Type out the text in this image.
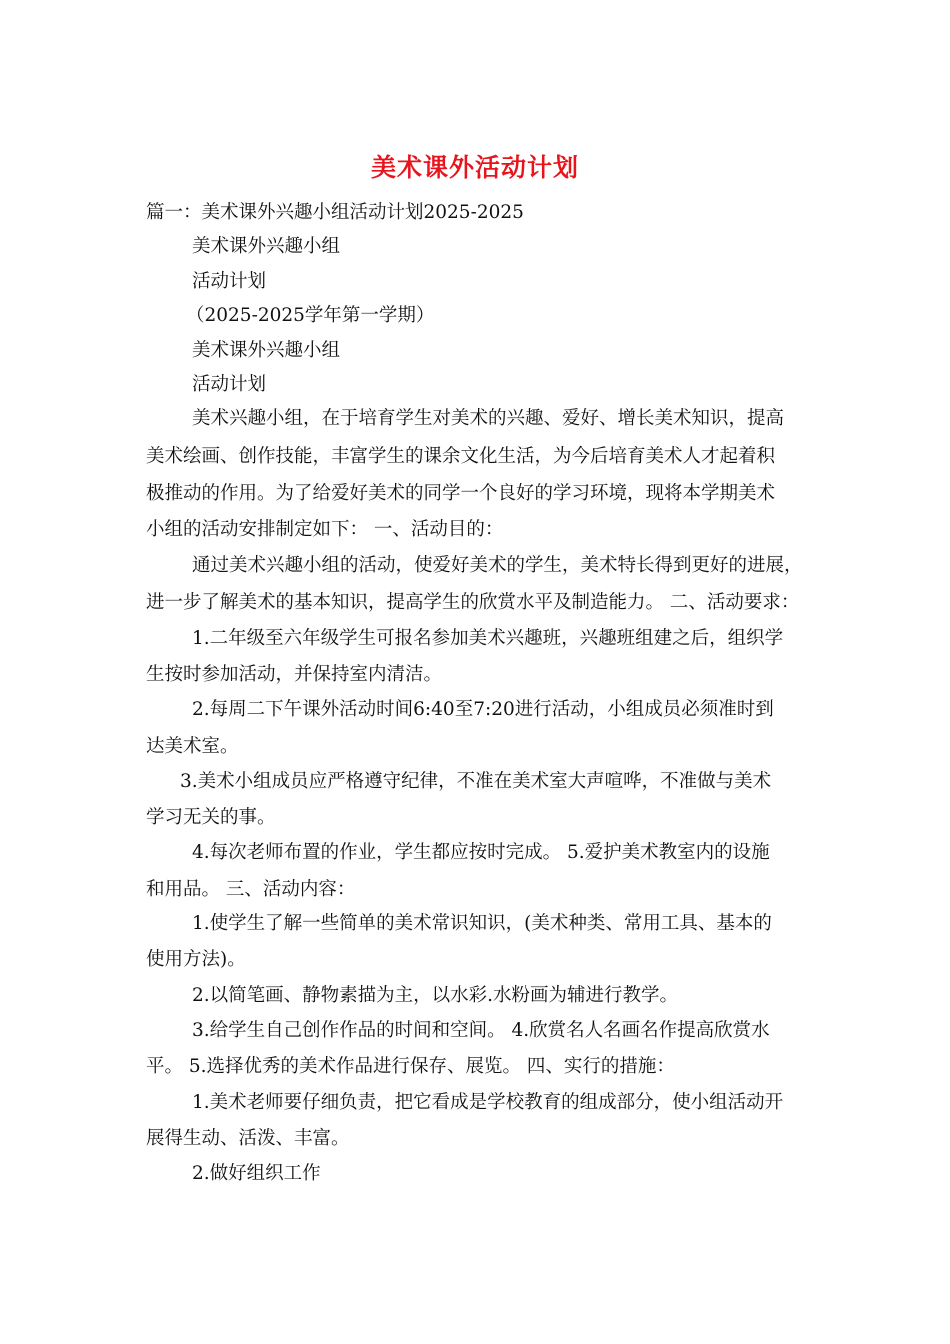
美术课外活动计划
篇一：美术课外兴趣小组活动计划2025-2025
美术课外兴趣小组
活动计划
（2025-2025学年第一学期）
美术课外兴趣小组
活动计划
美术兴趣小组，在于培育学生对美术的兴趣、爱好、增长美术知识，提高
美术绘画、创作技能，丰富学生的课余文化生活，为今后培育美术人才起着积
极推动的作用。为了给爱好美术的同学一个良好的学习环境，现将本学期美术
小组的活动安排制定如下： 一、活动目的：
通过美术兴趣小组的活动，使爱好美术的学生，美术特长得到更好的进展，
进一步了解美术的基本知识，提高学生的欣赏水平及制造能力。 二、活动要求：
1.二年级至六年级学生可报名参加美术兴趣班，兴趣班组建之后，组织学
生按时参加活动，并保持室内清洁。
2.每周二下午课外活动时间6:40至7:20进行活动，小组成员必须准时到
达美术室。
3.美术小组成员应严格遵守纪律，不准在美术室大声喧哗，不准做与美术
学习无关的事。
4.每次老师布置的作业，学生都应按时完成。 5.爱护美术教室内的设施
和用品。 三、活动内容：
1.使学生了解一些简单的美术常识知识，(美术种类、常用工具、基本的
使用方法)。
2.以简笔画、静物素描为主，以水彩.水粉画为辅进行教学。
3.给学生自己创作作品的时间和空间。 4.欣赏名人名画名作提高欣赏水
平。 5.选择优秀的美术作品进行保存、展览。 四、实行的措施：
1.美术老师要仔细负责，把它看成是学校教育的组成部分，使小组活动开
展得生动、活泼、丰富。
2.做好组织工作
